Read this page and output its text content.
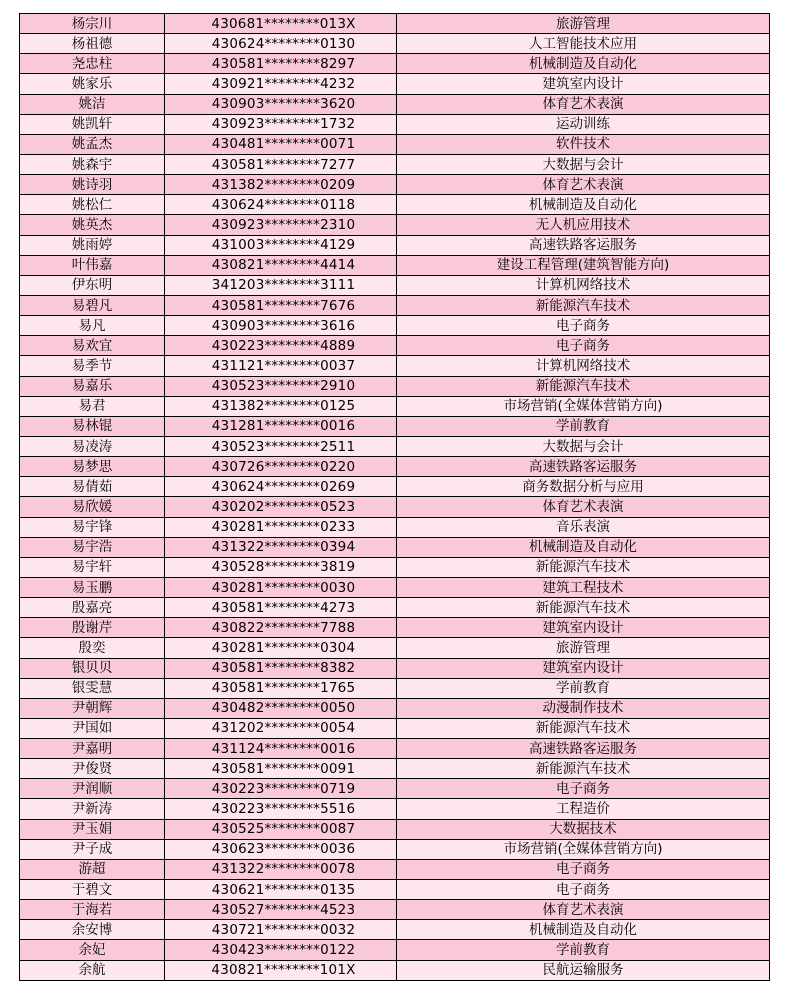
杨宗川	430681********013X	旅游管理
杨祖德	430624********0130	人工智能技术应用
尧忠柱	430581********8297	机械制造及自动化
姚家乐	430921********4232	建筑室内设计
姚洁	430903********3620	体育艺术表演
姚凯轩	430923********1732	运动训练
姚孟杰	430481********0071	软件技术
姚森宇	430581********7277	大数据与会计
姚诗羽	431382********0209	体育艺术表演
姚松仁	430624********0118	机械制造及自动化
姚英杰	430923********2310	无人机应用技术
姚雨婷	431003********4129	高速铁路客运服务
叶伟嘉	430821********4414	建设工程管理(建筑智能方向)
伊东明	341203********3111	计算机网络技术
易碧凡	430581********7676	新能源汽车技术
易凡	430903********3616	电子商务
易欢宜	430223********4889	电子商务
易季节	431121********0037	计算机网络技术
易嘉乐	430523********2910	新能源汽车技术
易君	431382********0125	市场营销(全媒体营销方向)
易林锟	431281********0016	学前教育
易凌涛	430523********2511	大数据与会计
易梦思	430726********0220	高速铁路客运服务
易倩茹	430624********0269	商务数据分析与应用
易欣媛	430202********0523	体育艺术表演
易宇锋	430281********0233	音乐表演
易宇浩	431322********0394	机械制造及自动化
易宇轩	430528********3819	新能源汽车技术
易玉鹏	430281********0030	建筑工程技术
殷嘉亮	430581********4273	新能源汽车技术
殷谢芹	430822********7788	建筑室内设计
殷奕	430281********0304	旅游管理
银贝贝	430581********8382	建筑室内设计
银雯慧	430581********1765	学前教育
尹朝辉	430482********0050	动漫制作技术
尹国如	431202********0054	新能源汽车技术
尹嘉明	431124********0016	高速铁路客运服务
尹俊贤	430581********0091	新能源汽车技术
尹润顺	430223********0719	电子商务
尹新涛	430223********5516	工程造价
尹玉娟	430525********0087	大数据技术
尹子成	430623********0036	市场营销(全媒体营销方向)
游超	431322********0078	电子商务
于碧文	430621********0135	电子商务
于海若	430527********4523	体育艺术表演
余安博	430721********0032	机械制造及自动化
余妃	430423********0122	学前教育
余航	430821********101X	民航运输服务
